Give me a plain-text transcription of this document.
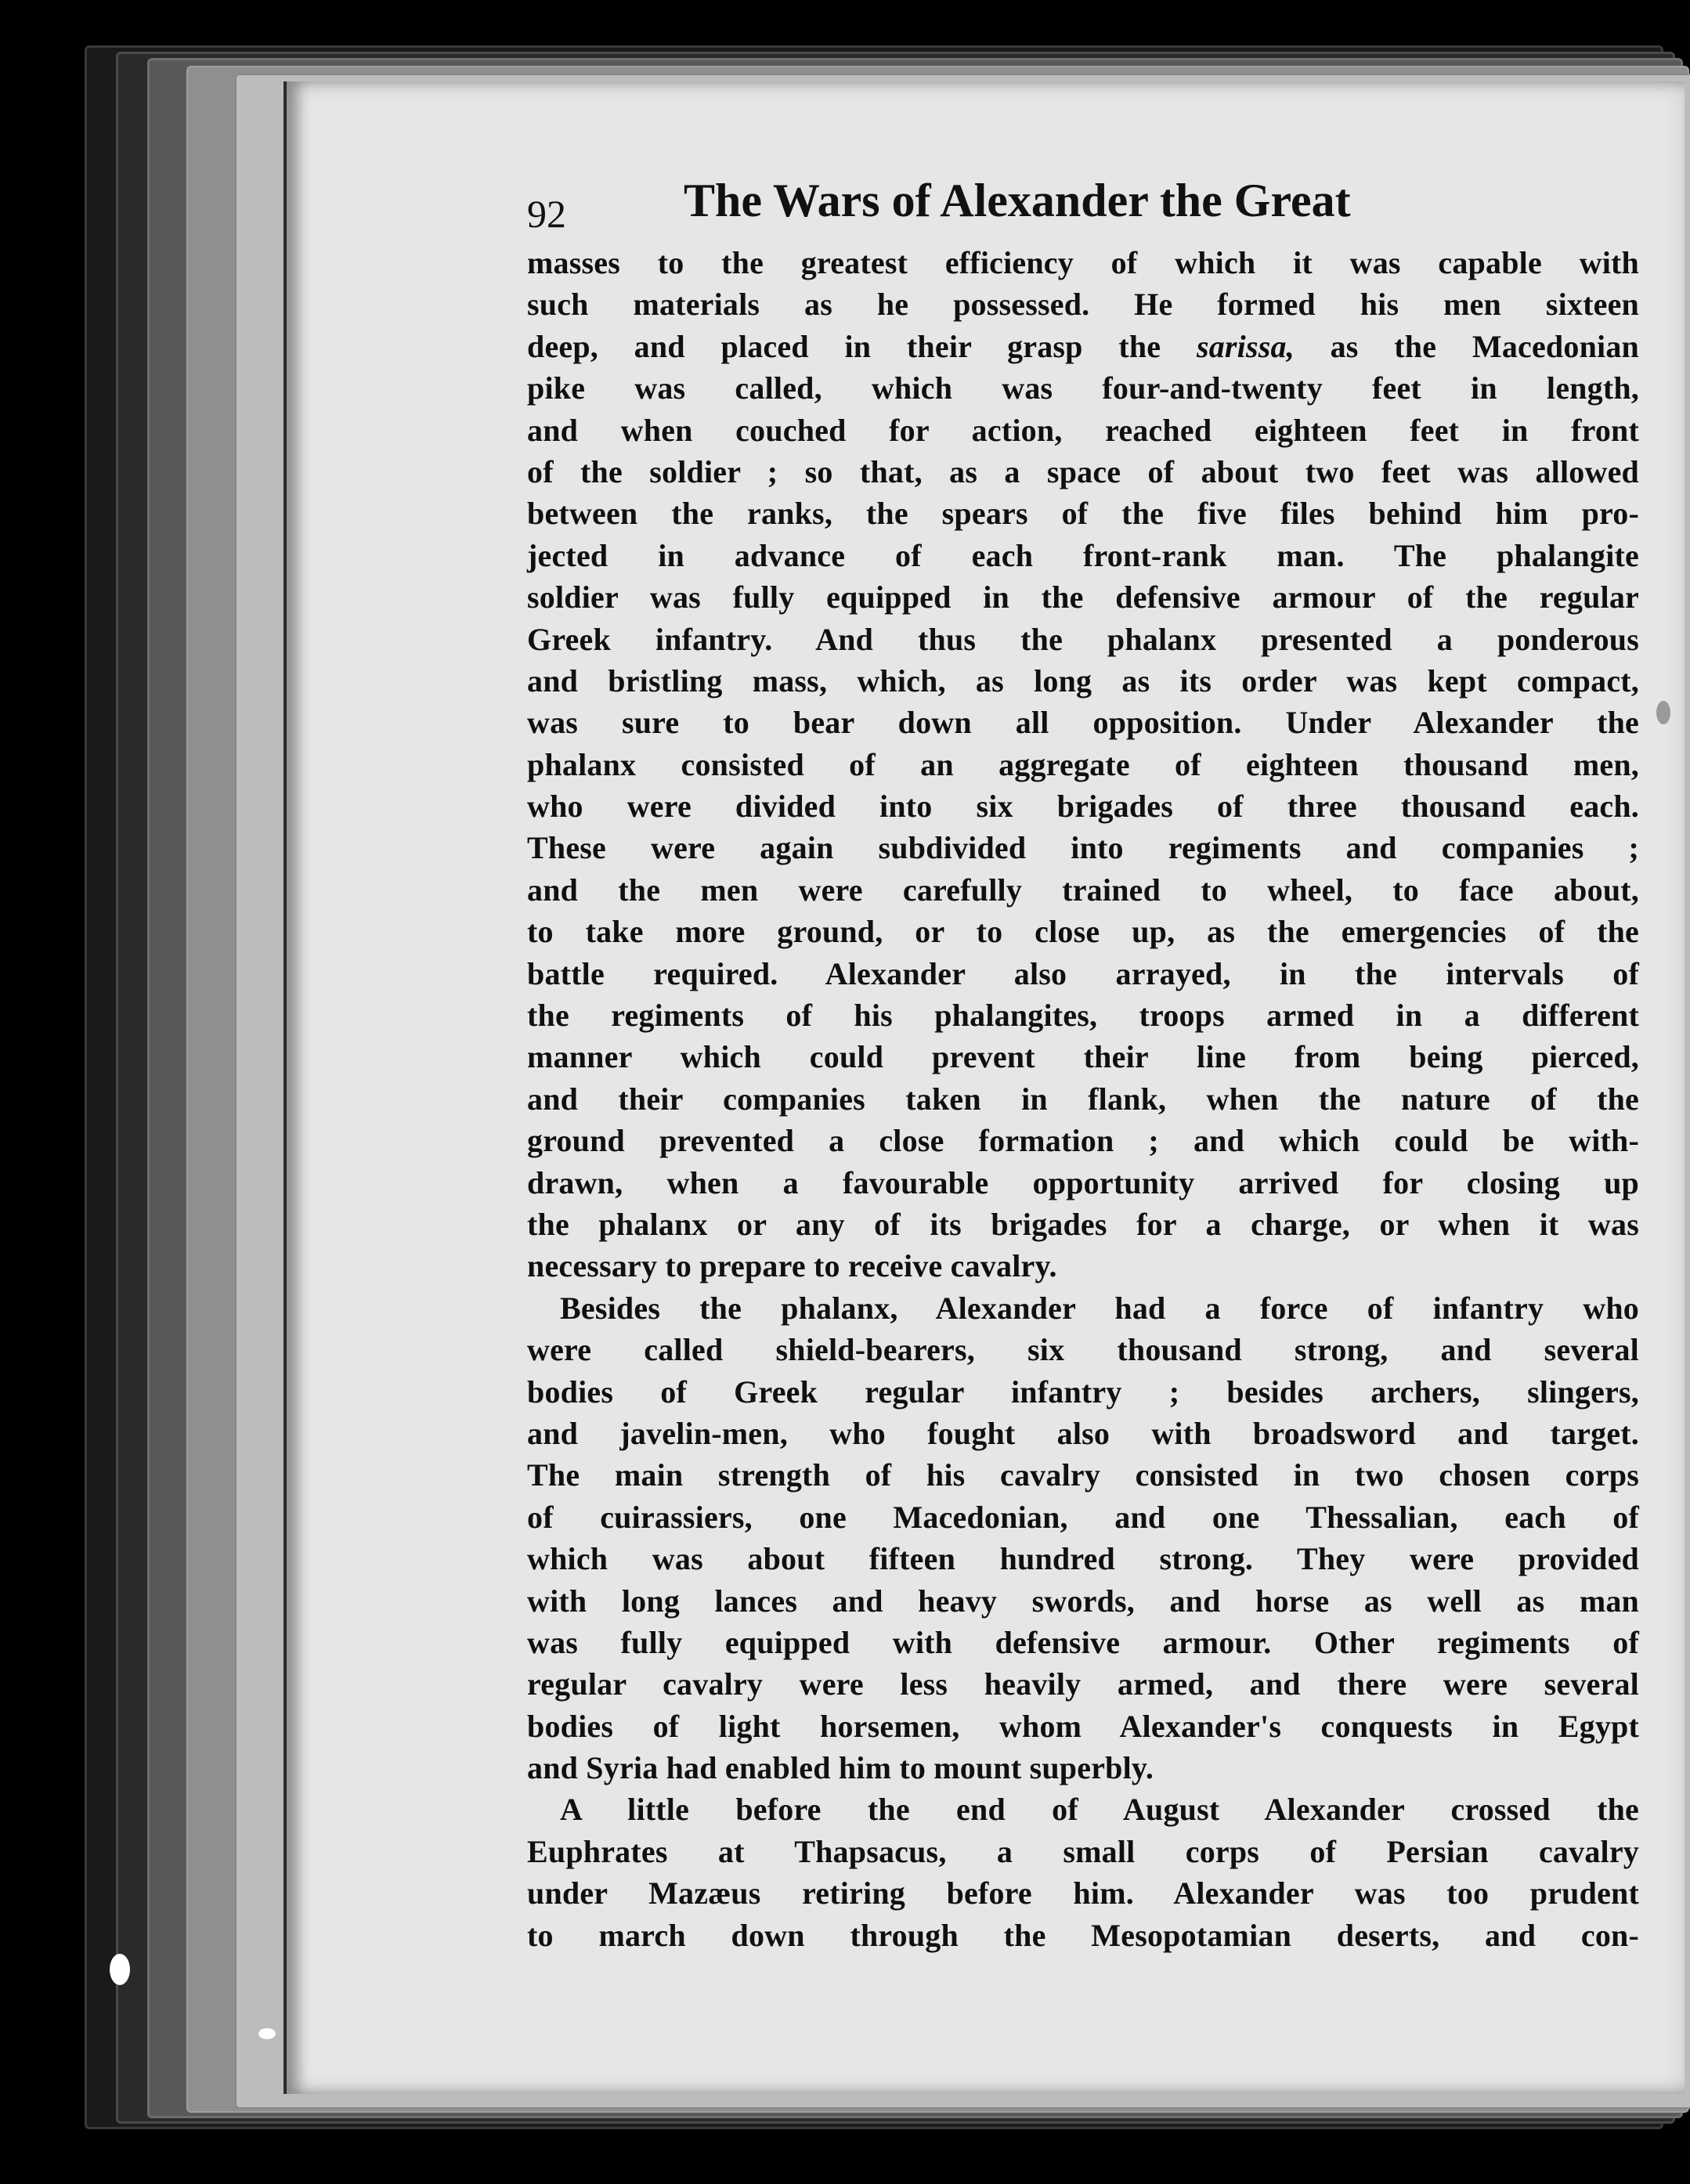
92	The Wars of Alexander the Great
masses to the greatest efficiency of which it was capable with
such materials as he possessed. He formed his men sixteen
deep, and placed in their grasp the sarissa, as the Macedonian
pike was called, which was four-and-twenty feet in length,
and when couched for action, reached eighteen feet in front
of the soldier ; so that, as a space of about two feet was allowed
between the ranks, the spears of the five files behind him pro-
jected in advance of each front-rank man. The phalangite
soldier was fully equipped in the defensive armour of the regular
Greek infantry. And thus the phalanx presented a ponderous
and bristling mass, which, as long as its order was kept compact,
was sure to bear down all opposition. Under Alexander the
phalanx consisted of an aggregate of eighteen thousand men,
who were divided into six brigades of three thousand each.
These were again subdivided into regiments and companies ;
and the men were carefully trained to wheel, to face about,
to take more ground, or to close up, as the emergencies of the
battle required. Alexander also arrayed, in the intervals of
the regiments of his phalangites, troops armed in a different
manner which could prevent their line from being pierced,
and their companies taken in flank, when the nature of the
ground prevented a close formation ; and which could be with-
drawn, when a favourable opportunity arrived for closing up
the phalanx or any of its brigades for a charge, or when it was
necessary to prepare to receive cavalry.
Besides the phalanx, Alexander had a force of infantry who
were called shield-bearers, six thousand strong, and several
bodies of Greek regular infantry ; besides archers, slingers,
and javelin-men, who fought also with broadsword and target.
The main strength of his cavalry consisted in two chosen corps
of cuirassiers, one Macedonian, and one Thessalian, each of
which was about fifteen hundred strong. They were provided
with long lances and heavy swords, and horse as well as man
was fully equipped with defensive armour. Other regiments of
regular cavalry were less heavily armed, and there were several
bodies of light horsemen, whom Alexander's conquests in Egypt
and Syria had enabled him to mount superbly.
A little before the end of August Alexander crossed the
Euphrates at Thapsacus, a small corps of Persian cavalry
under Mazæus retiring before him. Alexander was too prudent
to march down through the Mesopotamian deserts, and con-
